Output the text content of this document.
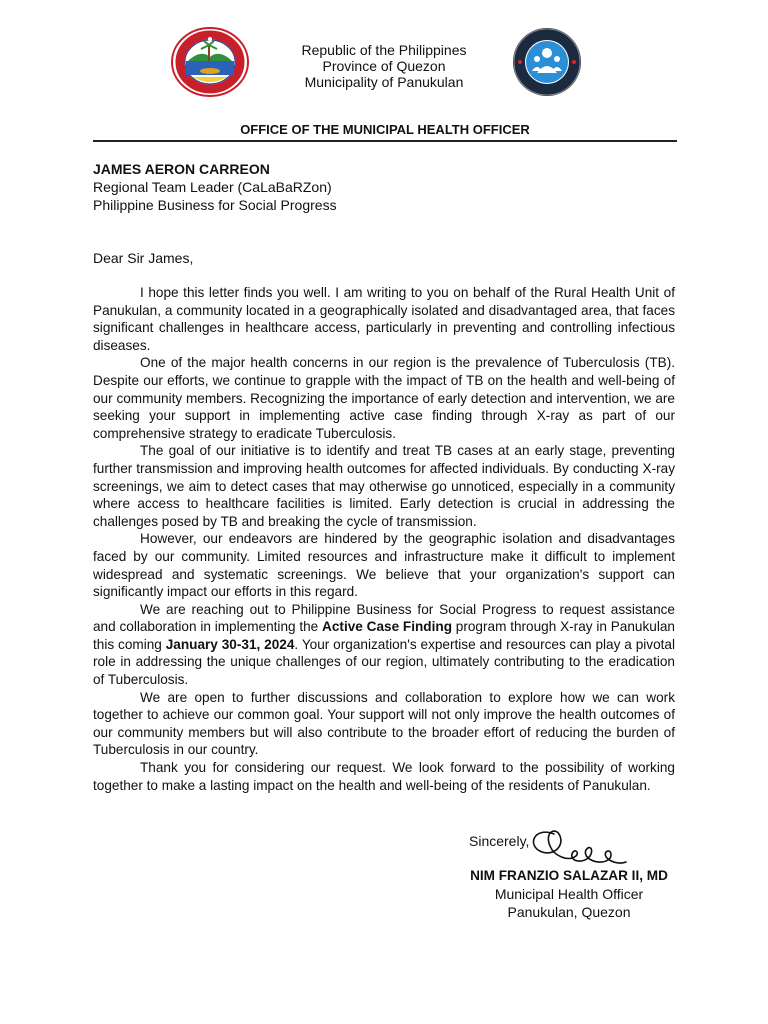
Republic of the Philippines
Province of Quezon
Municipality of Panukulan
OFFICE OF THE MUNICIPAL HEALTH OFFICER
JAMES AERON CARREON
Regional Team Leader (CaLaBaRZon)
Philippine Business for Social Progress
Dear Sir James,

I hope this letter finds you well. I am writing to you on behalf of the Rural Health Unit of Panukulan, a community located in a geographically isolated and disadvantaged area, that faces significant challenges in healthcare access, particularly in preventing and controlling infectious diseases.

One of the major health concerns in our region is the prevalence of Tuberculosis (TB). Despite our efforts, we continue to grapple with the impact of TB on the health and well-being of our community members. Recognizing the importance of early detection and intervention, we are seeking your support in implementing active case finding through X-ray as part of our comprehensive strategy to eradicate Tuberculosis.

The goal of our initiative is to identify and treat TB cases at an early stage, preventing further transmission and improving health outcomes for affected individuals. By conducting X-ray screenings, we aim to detect cases that may otherwise go unnoticed, especially in a community where access to healthcare facilities is limited. Early detection is crucial in addressing the challenges posed by TB and breaking the cycle of transmission.

However, our endeavors are hindered by the geographic isolation and disadvantages faced by our community. Limited resources and infrastructure make it difficult to implement widespread and systematic screenings. We believe that your organization's support can significantly impact our efforts in this regard.

We are reaching out to Philippine Business for Social Progress to request assistance and collaboration in implementing the Active Case Finding program through X-ray in Panukulan this coming January 30-31, 2024. Your organization's expertise and resources can play a pivotal role in addressing the unique challenges of our region, ultimately contributing to the eradication of Tuberculosis.

We are open to further discussions and collaboration to explore how we can work together to achieve our common goal. Your support will not only improve the health outcomes of our community members but will also contribute to the broader effort of reducing the burden of Tuberculosis in our country.

Thank you for considering our request. We look forward to the possibility of working together to make a lasting impact on the health and well-being of the residents of Panukulan.

Sincerely,
NIM FRANZIO SALAZAR II, MD
Municipal Health Officer
Panukulan, Quezon
